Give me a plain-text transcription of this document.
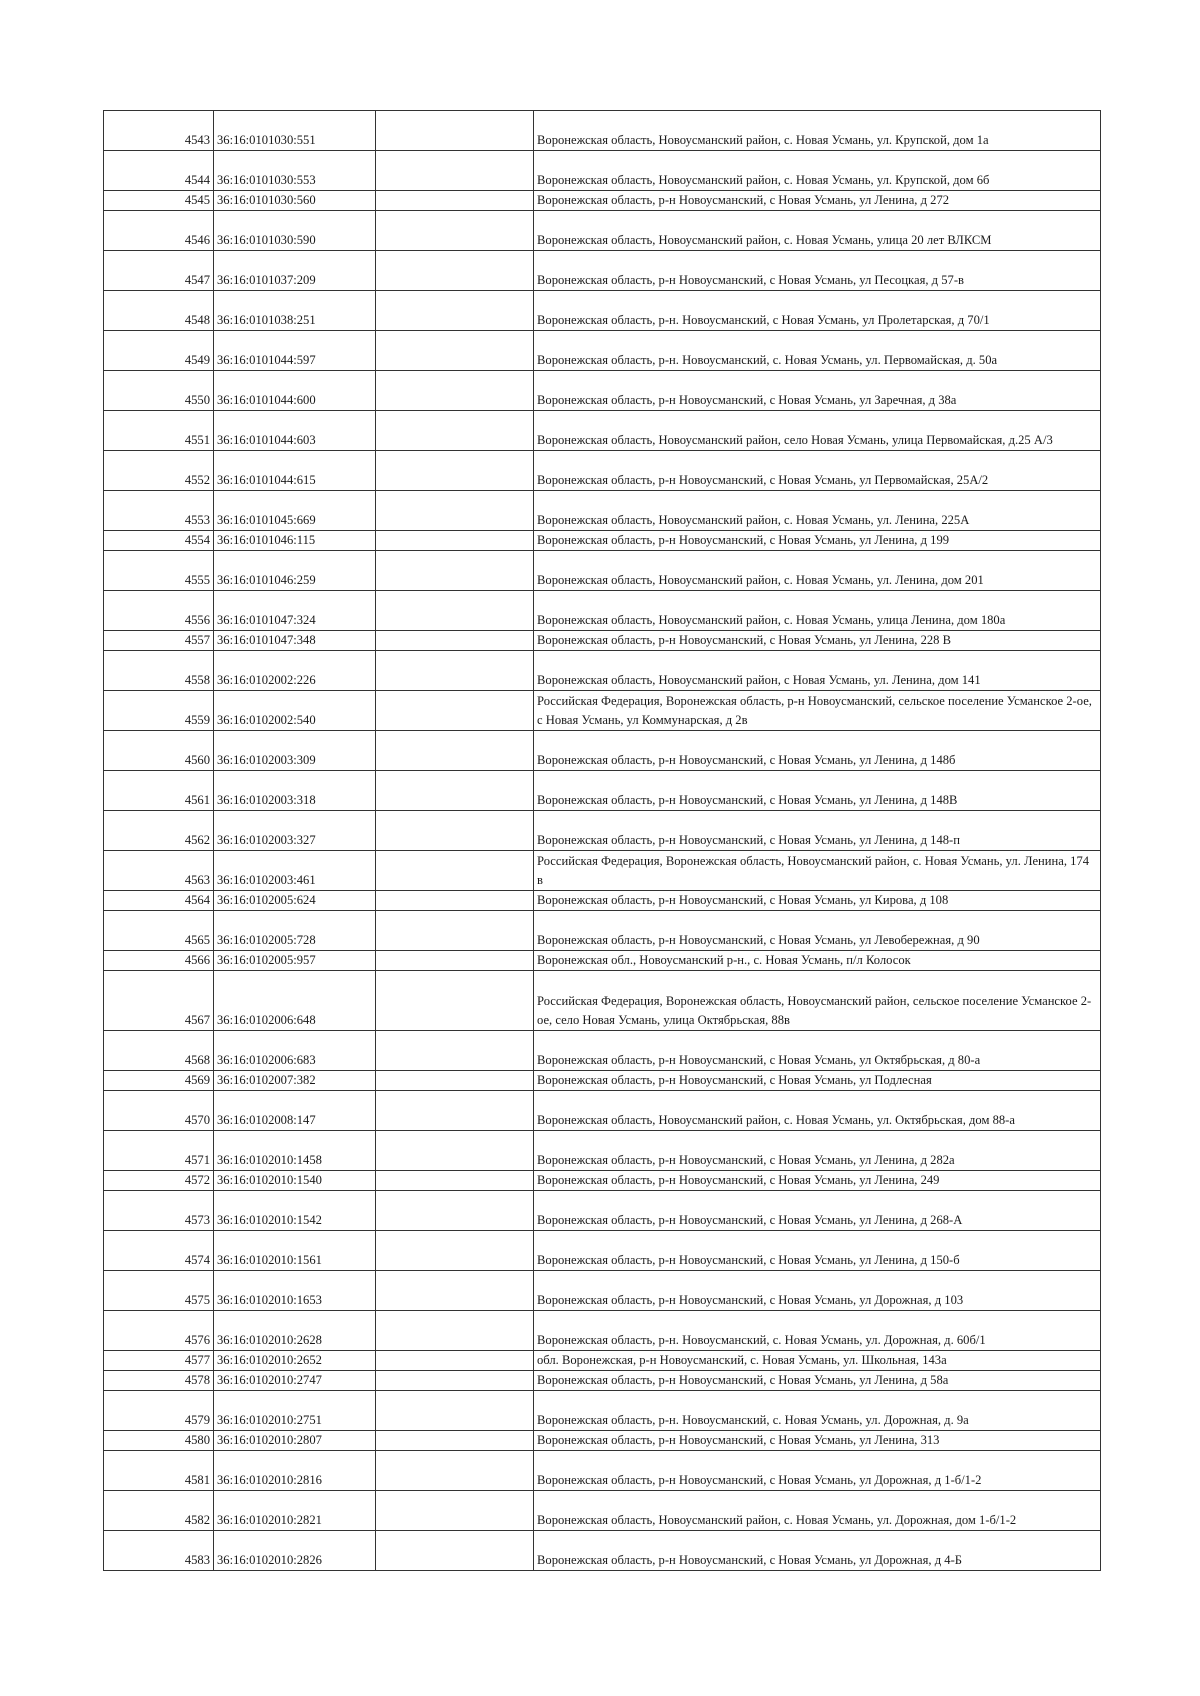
4543	36:16:0101030:551		Воронежская область, Новоусманский район, с. Новая Усмань, ул. Крупской, дом 1а
4544	36:16:0101030:553		Воронежская область, Новоусманский район, с. Новая Усмань, ул. Крупской, дом 6б
4545	36:16:0101030:560		Воронежская область, р-н Новоусманский, с Новая Усмань, ул Ленина, д 272
4546	36:16:0101030:590		Воронежская область, Новоусманский район, с. Новая Усмань, улица 20 лет ВЛКСМ
4547	36:16:0101037:209		Воронежская область, р-н Новоусманский, с Новая Усмань, ул Песоцкая, д 57-в
4548	36:16:0101038:251		Воронежская область, р-н. Новоусманский, с Новая Усмань, ул Пролетарская, д 70/1
4549	36:16:0101044:597		Воронежская область, р-н. Новоусманский, с. Новая Усмань, ул. Первомайская, д. 50а
4550	36:16:0101044:600		Воронежская область, р-н Новоусманский, с Новая Усмань, ул Заречная, д 38а
4551	36:16:0101044:603		Воронежская область, Новоусманский район, село Новая Усмань, улица Первомайская, д.25 А/3
4552	36:16:0101044:615		Воронежская область, р-н Новоусманский, с Новая Усмань, ул Первомайская, 25А/2
4553	36:16:0101045:669		Воронежская область, Новоусманский район, с. Новая Усмань, ул. Ленина, 225А
4554	36:16:0101046:115		Воронежская область, р-н Новоусманский, с Новая Усмань, ул Ленина, д 199
4555	36:16:0101046:259		Воронежская область, Новоусманский район, с. Новая Усмань, ул. Ленина, дом 201
4556	36:16:0101047:324		Воронежская область, Новоусманский район, с. Новая Усмань, улица Ленина, дом 180а
4557	36:16:0101047:348		Воронежская область, р-н Новоусманский, с Новая Усмань, ул Ленина, 228 В
4558	36:16:0102002:226		Воронежская область, Новоусманский район, с Новая Усмань, ул. Ленина, дом 141
4559	36:16:0102002:540		Российская Федерация, Воронежская область, р-н Новоусманский, сельское поселение Усманское 2-ое, с Новая Усмань, ул Коммунарская, д 2в
4560	36:16:0102003:309		Воронежская область, р-н Новоусманский, с Новая Усмань, ул Ленина, д 148б
4561	36:16:0102003:318		Воронежская область, р-н Новоусманский, с Новая Усмань, ул Ленина, д 148В
4562	36:16:0102003:327		Воронежская область, р-н Новоусманский, с Новая Усмань, ул Ленина, д 148-п
4563	36:16:0102003:461		Российская Федерация, Воронежская область, Новоусманский район, с. Новая Усмань, ул. Ленина, 174 в
4564	36:16:0102005:624		Воронежская область, р-н Новоусманский, с Новая Усмань, ул Кирова, д 108
4565	36:16:0102005:728		Воронежская область, р-н Новоусманский, с Новая Усмань, ул Левобережная, д 90
4566	36:16:0102005:957		Воронежская обл., Новоусманский р-н., с. Новая Усмань, п/л Колосок
4567	36:16:0102006:648		Российская Федерация, Воронежская область, Новоусманский район, сельское поселение Усманское 2-ое, село Новая Усмань, улица Октябрьская, 88в
4568	36:16:0102006:683		Воронежская область, р-н Новоусманский, с Новая Усмань, ул Октябрьская, д 80-а
4569	36:16:0102007:382		Воронежская область, р-н Новоусманский, с Новая Усмань, ул Подлесная
4570	36:16:0102008:147		Воронежская область, Новоусманский район, с. Новая Усмань, ул. Октябрьская, дом 88-а
4571	36:16:0102010:1458		Воронежская область, р-н Новоусманский, с Новая Усмань, ул Ленина, д 282а
4572	36:16:0102010:1540		Воронежская область, р-н Новоусманский, с Новая Усмань, ул Ленина, 249
4573	36:16:0102010:1542		Воронежская область, р-н Новоусманский, с Новая Усмань, ул Ленина, д 268-А
4574	36:16:0102010:1561		Воронежская область, р-н Новоусманский, с Новая Усмань, ул Ленина, д 150-б
4575	36:16:0102010:1653		Воронежская область, р-н Новоусманский, с Новая Усмань, ул Дорожная, д 103
4576	36:16:0102010:2628		Воронежская область, р-н. Новоусманский, с. Новая Усмань, ул. Дорожная, д. 60б/1
4577	36:16:0102010:2652		обл. Воронежская, р-н Новоусманский, с. Новая Усмань, ул. Школьная, 143а
4578	36:16:0102010:2747		Воронежская область, р-н Новоусманский, с Новая Усмань, ул Ленина, д 58а
4579	36:16:0102010:2751		Воронежская область, р-н. Новоусманский, с. Новая Усмань, ул. Дорожная, д. 9а
4580	36:16:0102010:2807		Воронежская область, р-н Новоусманский, с Новая Усмань, ул Ленина, 313
4581	36:16:0102010:2816		Воронежская область, р-н Новоусманский, с Новая Усмань, ул Дорожная, д 1-б/1-2
4582	36:16:0102010:2821		Воронежская область, Новоусманский район, с. Новая Усмань, ул. Дорожная, дом 1-б/1-2
4583	36:16:0102010:2826		Воронежская область, р-н Новоусманский, с Новая Усмань, ул Дорожная, д 4-Б
